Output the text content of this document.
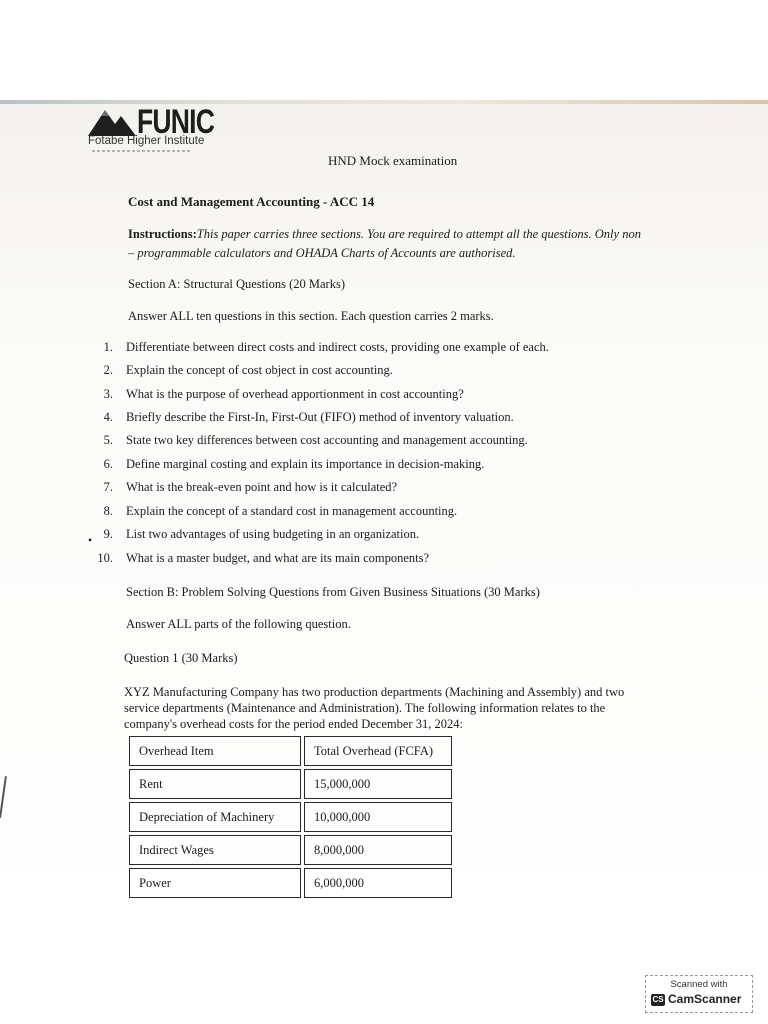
FUNIC
Fotabe Higher Institute
HND Mock examination
Cost and Management Accounting - ACC 14
Instructions:This paper carries three sections. You are required to attempt all the questions. Only non
– programmable calculators and OHADA Charts of Accounts are authorised.
Section A: Structural Questions (20 Marks)
Answer ALL ten questions in this section. Each question carries 2 marks.
1. Differentiate between direct costs and indirect costs, providing one example of each.
2. Explain the concept of cost object in cost accounting.
3. What is the purpose of overhead apportionment in cost accounting?
4. Briefly describe the First-In, First-Out (FIFO) method of inventory valuation.
5. State two key differences between cost accounting and management accounting.
6. Define marginal costing and explain its importance in decision-making.
7. What is the break-even point and how is it calculated?
8. Explain the concept of a standard cost in management accounting.
9. List two advantages of using budgeting in an organization.
10. What is a master budget, and what are its main components?
•
Section B: Problem Solving Questions from Given Business Situations (30 Marks)
Answer ALL parts of the following question.
Question 1 (30 Marks)
XYZ Manufacturing Company has two production departments (Machining and Assembly) and two
service departments (Maintenance and Administration). The following information relates to the
company's overhead costs for the period ended December 31, 2024:
Overhead Item	Total Overhead (FCFA)
Rent	15,000,000
Depreciation of Machinery	10,000,000
Indirect Wages	8,000,000
Power	6,000,000
Scanned with
CS CamScanner
